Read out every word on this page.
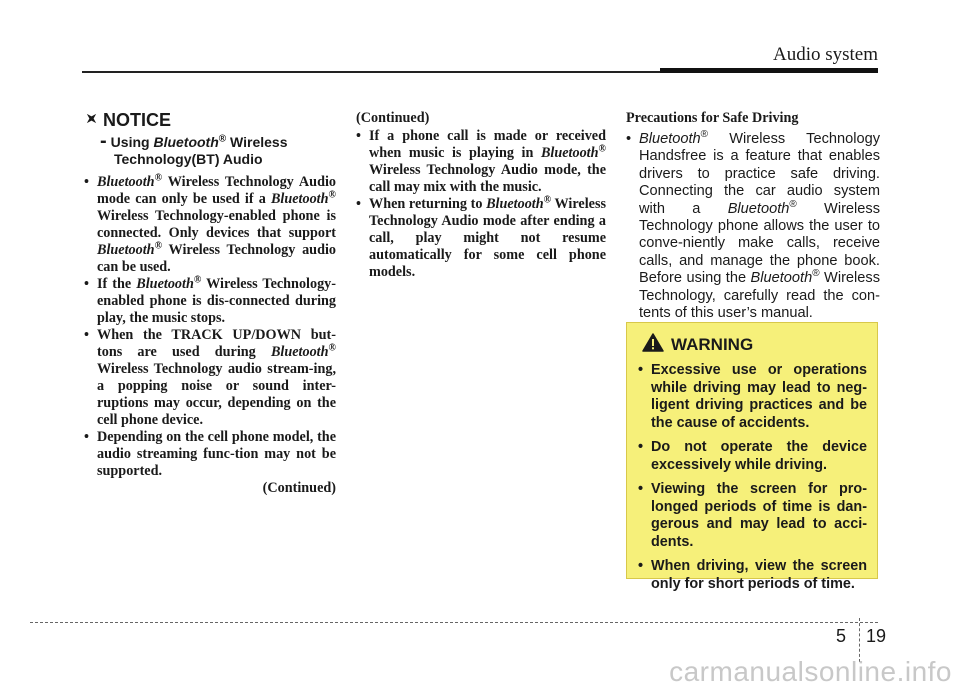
Audio system
NOTICE
- Using Bluetooth® Wireless Technology(BT) Audio
• Bluetooth® Wireless Technology Audio mode can only be used if a Bluetooth® Wireless Technology-enabled phone is connected. Only devices that support Bluetooth® Wireless Technology audio can be used.
• If the Bluetooth® Wireless Technology-enabled phone is dis-connected during play, the music stops.
• When the TRACK UP/DOWN but-tons are used during Bluetooth® Wireless Technology audio stream-ing, a popping noise or sound inter-ruptions may occur, depending on the cell phone device.
• Depending on the cell phone model, the audio streaming func-tion may not be supported.
(Continued)
(Continued)
• If a phone call is made or received when music is playing in Bluetooth® Wireless Technology Audio mode, the call may mix with the music.
• When returning to Bluetooth® Wireless Technology Audio mode after ending a call, play might not resume automatically for some cell phone models.
Precautions for Safe Driving
• Bluetooth® Wireless Technology Handsfree is a feature that enables drivers to practice safe driving. Connecting the car audio system with a Bluetooth® Wireless Technology phone allows the user to conve-niently make calls, receive calls, and manage the phone book. Before using the Bluetooth® Wireless Technology, carefully read the con-tents of this user’s manual.
WARNING
• Excessive use or operations while driving may lead to neg-ligent driving practices and be the cause of accidents.
• Do not operate the device excessively while driving.
• Viewing the screen for pro-longed periods of time is dan-gerous and may lead to acci-dents.
• When driving, view the screen only for short periods of time.
5 19
carmanualsonline.info
